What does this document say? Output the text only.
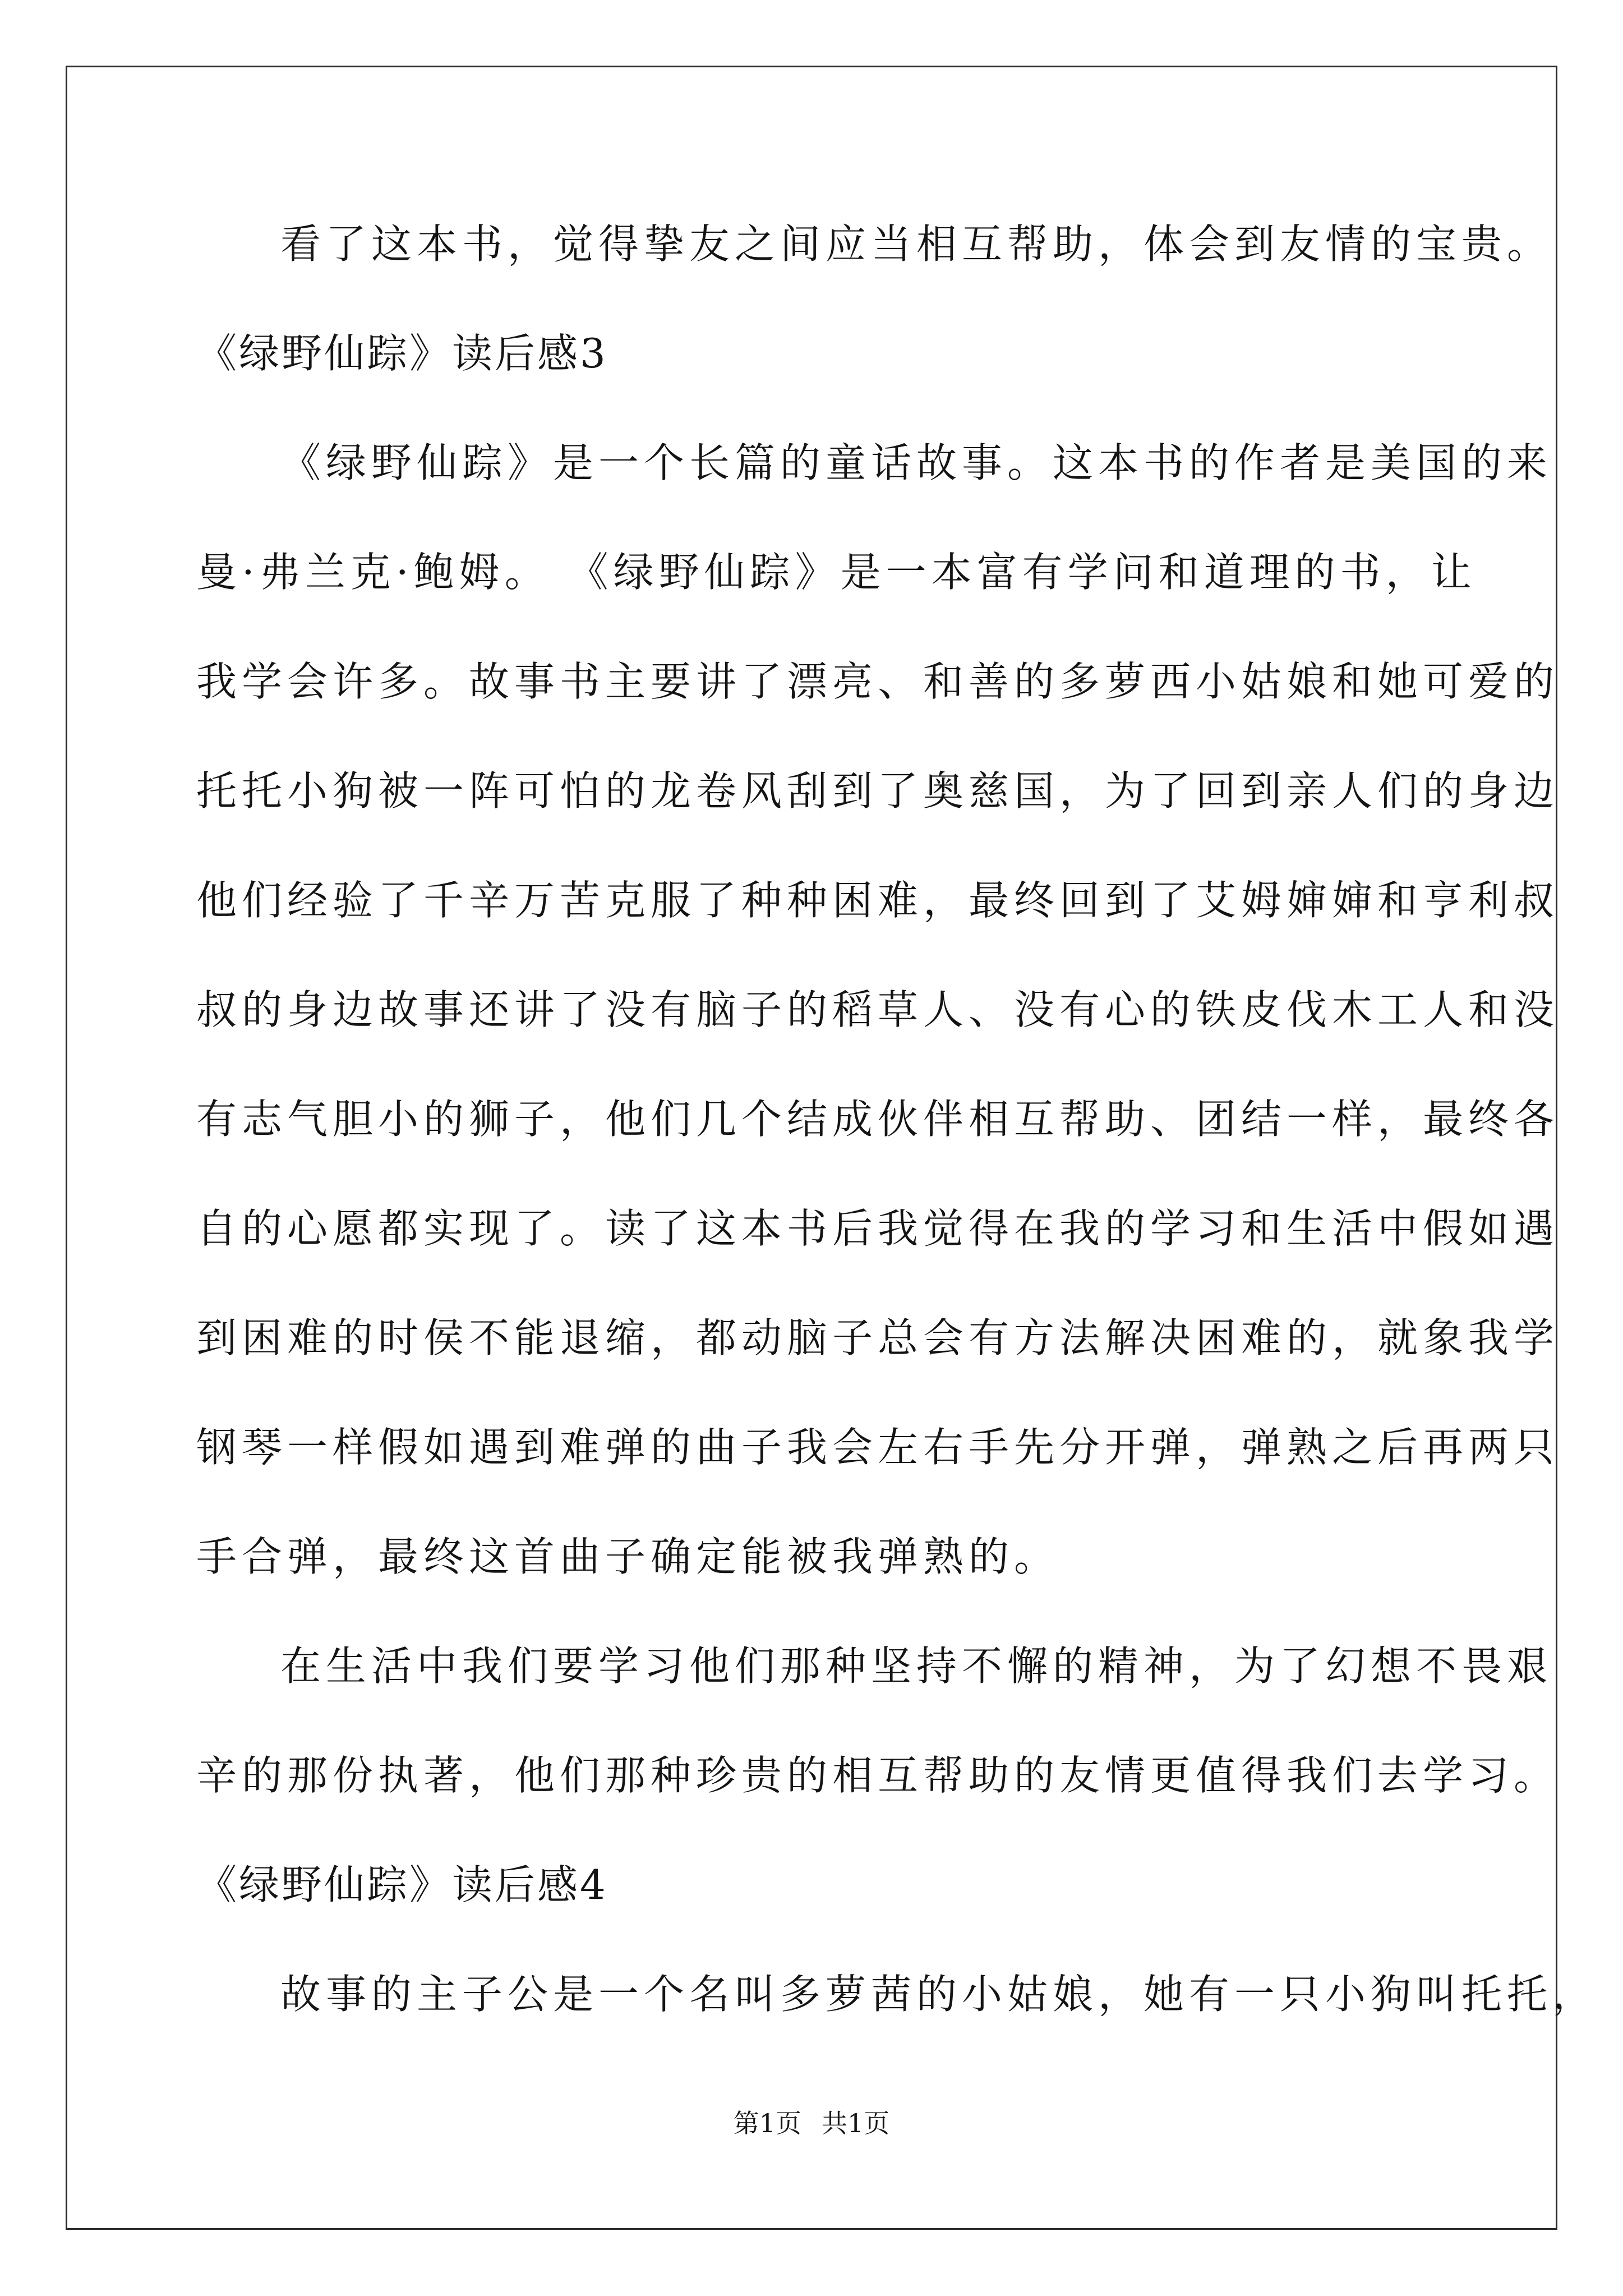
看了这本书，觉得挚友之间应当相互帮助，体会到友情的宝贵。
《绿野仙踪》读后感3
《绿野仙踪》是一个长篇的童话故事。这本书的作者是美国的来
曼·弗兰克·鲍姆。 《绿野仙踪》是一本富有学问和道理的书，让
我学会许多。故事书主要讲了漂亮、和善的多萝西小姑娘和她可爱的
托托小狗被一阵可怕的龙卷风刮到了奥慈国，为了回到亲人们的身边
他们经验了千辛万苦克服了种种困难，最终回到了艾姆婶婶和亨利叔
叔的身边故事还讲了没有脑子的稻草人、没有心的铁皮伐木工人和没
有志气胆小的狮子，他们几个结成伙伴相互帮助、团结一样，最终各
自的心愿都实现了。读了这本书后我觉得在我的学习和生活中假如遇
到困难的时侯不能退缩，都动脑子总会有方法解决困难的，就象我学
钢琴一样假如遇到难弹的曲子我会左右手先分开弹，弹熟之后再两只
手合弹，最终这首曲子确定能被我弹熟的。
在生活中我们要学习他们那种坚持不懈的精神，为了幻想不畏艰
辛的那份执著，他们那种珍贵的相互帮助的友情更值得我们去学习。
《绿野仙踪》读后感4
故事的主子公是一个名叫多萝茜的小姑娘，她有一只小狗叫托托，
第1页 共1页
